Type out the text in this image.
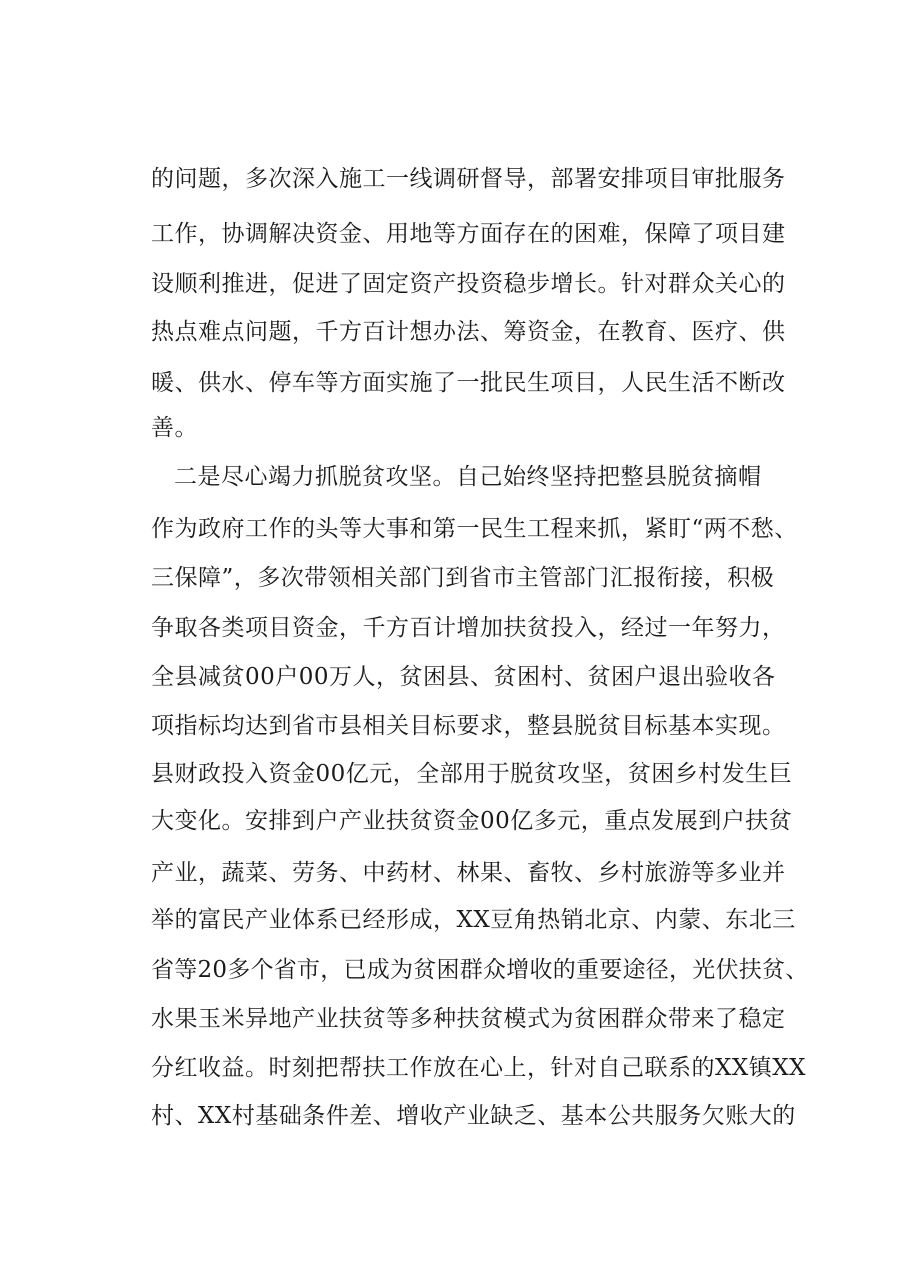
的问题，多次深入施工一线调研督导，部署安排项目审批服务
工作，协调解决资金、用地等方面存在的困难，保障了项目建
设顺利推进，促进了固定资产投资稳步增长。针对群众关心的
热点难点问题，千方百计想办法、筹资金，在教育、医疗、供
暖、供水、停车等方面实施了一批民生项目，人民生活不断改
善。
二是尽心竭力抓脱贫攻坚。自己始终坚持把整县脱贫摘帽
作为政府工作的头等大事和第一民生工程来抓，紧盯“两不愁、
三保障”，多次带领相关部门到省市主管部门汇报衔接，积极
争取各类项目资金，千方百计增加扶贫投入，经过一年努力，
全县减贫00户00万人，贫困县、贫困村、贫困户退出验收各
项指标均达到省市县相关目标要求，整县脱贫目标基本实现。
县财政投入资金00亿元，全部用于脱贫攻坚，贫困乡村发生巨
大变化。安排到户产业扶贫资金00亿多元，重点发展到户扶贫
产业，蔬菜、劳务、中药材、林果、畜牧、乡村旅游等多业并
举的富民产业体系已经形成，XX豆角热销北京、内蒙、东北三
省等20多个省市，已成为贫困群众增收的重要途径，光伏扶贫、
水果玉米异地产业扶贫等多种扶贫模式为贫困群众带来了稳定
分红收益。时刻把帮扶工作放在心上，针对自己联系的XX镇XX
村、XX村基础条件差、增收产业缺乏、基本公共服务欠账大的
